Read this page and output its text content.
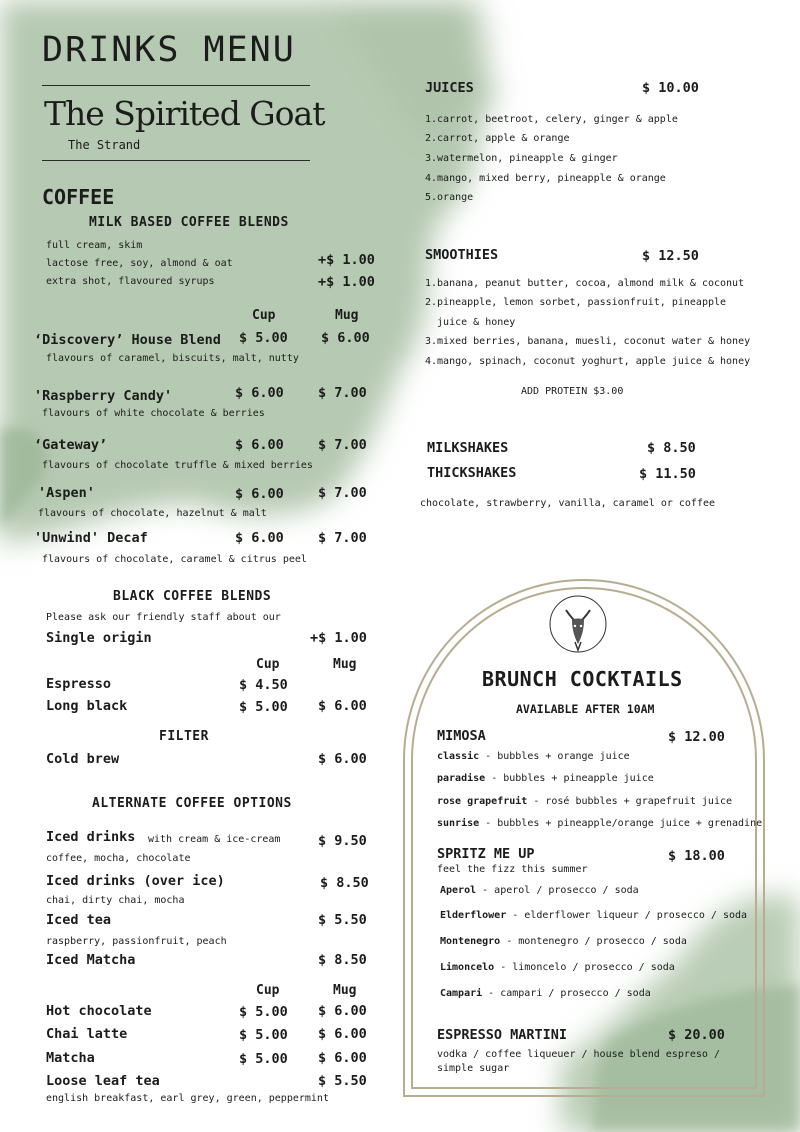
DRINKS MENU
The Spirited Goat
The Strand
COFFEE
MILK BASED COFFEE BLENDS
full cream, skim
lactose free, soy, almond & oat	+$ 1.00
extra shot, flavoured syrups	+$ 1.00
Cup	Mug
‘Discovery’ House Blend $ 5.00 $ 6.00
flavours of caramel, biscuits, malt, nutty
'Raspberry Candy'	$ 6.00	$ 7.00
flavours of white chocolate & berries
‘Gateway’	$ 6.00	$ 7.00
flavours of chocolate truffle & mixed berries
'Aspen'	$ 6.00	$ 7.00
flavours of chocolate, hazelnut & malt
'Unwind' Decaf	$ 6.00	$ 7.00
flavours of chocolate, caramel & citrus peel
BLACK COFFEE BLENDS
Please ask our friendly staff about our
Single origin	+$ 1.00
Cup	Mug
Espresso	$ 4.50
Long black	$ 5.00 $ 6.00
FILTER
Cold brew	$ 6.00
ALTERNATE COFFEE OPTIONS
Iced drinks with cream & ice-cream	$ 9.50
coffee, mocha, chocolate
Iced drinks (over ice)	$ 8.50
chai, dirty chai, mocha
Iced tea	$ 5.50
raspberry, passionfruit, peach
Iced Matcha	$ 8.50
Cup	Mug
Hot chocolate	$ 5.00 $ 6.00
Chai latte	$ 5.00 $ 6.00
Matcha	$ 5.00 $ 6.00
Loose leaf tea	$ 5.50
english breakfast, earl grey, green, peppermint
JUICES	$ 10.00
1.carrot, beetroot, celery, ginger & apple
2.carrot, apple & orange
3.watermelon, pineapple & ginger
4.mango, mixed berry, pineapple & orange
5.orange
SMOOTHIES	$ 12.50
1.banana, peanut butter, cocoa, almond milk & coconut
2.pineapple, lemon sorbet, passionfruit, pineapple
juice & honey
3.mixed berries, banana, muesli, coconut water & honey
4.mango, spinach, coconut yoghurt, apple juice & honey
ADD PROTEIN $3.00
MILKSHAKES	$ 8.50
THICKSHAKES	$ 11.50
chocolate, strawberry, vanilla, caramel or coffee
BRUNCH COCKTAILS
AVAILABLE AFTER 10AM
MIMOSA	$ 12.00
classic - bubbles + orange juice
paradise - bubbles + pineapple juice
rose grapefruit - rosé bubbles + grapefruit juice
sunrise - bubbles + pineapple/orange juice + grenadine
SPRITZ ME UP	$ 18.00
feel the fizz this summer
Aperol - aperol / prosecco / soda
Elderflower - elderflower liqueur / prosecco / soda
Montenegro - montenegro / prosecco / soda
Limoncelo - limoncelo / prosecco / soda
Campari - campari / prosecco / soda
ESPRESSO MARTINI	$ 20.00
vodka / coffee liqueuer / house blend espreso /
simple sugar
